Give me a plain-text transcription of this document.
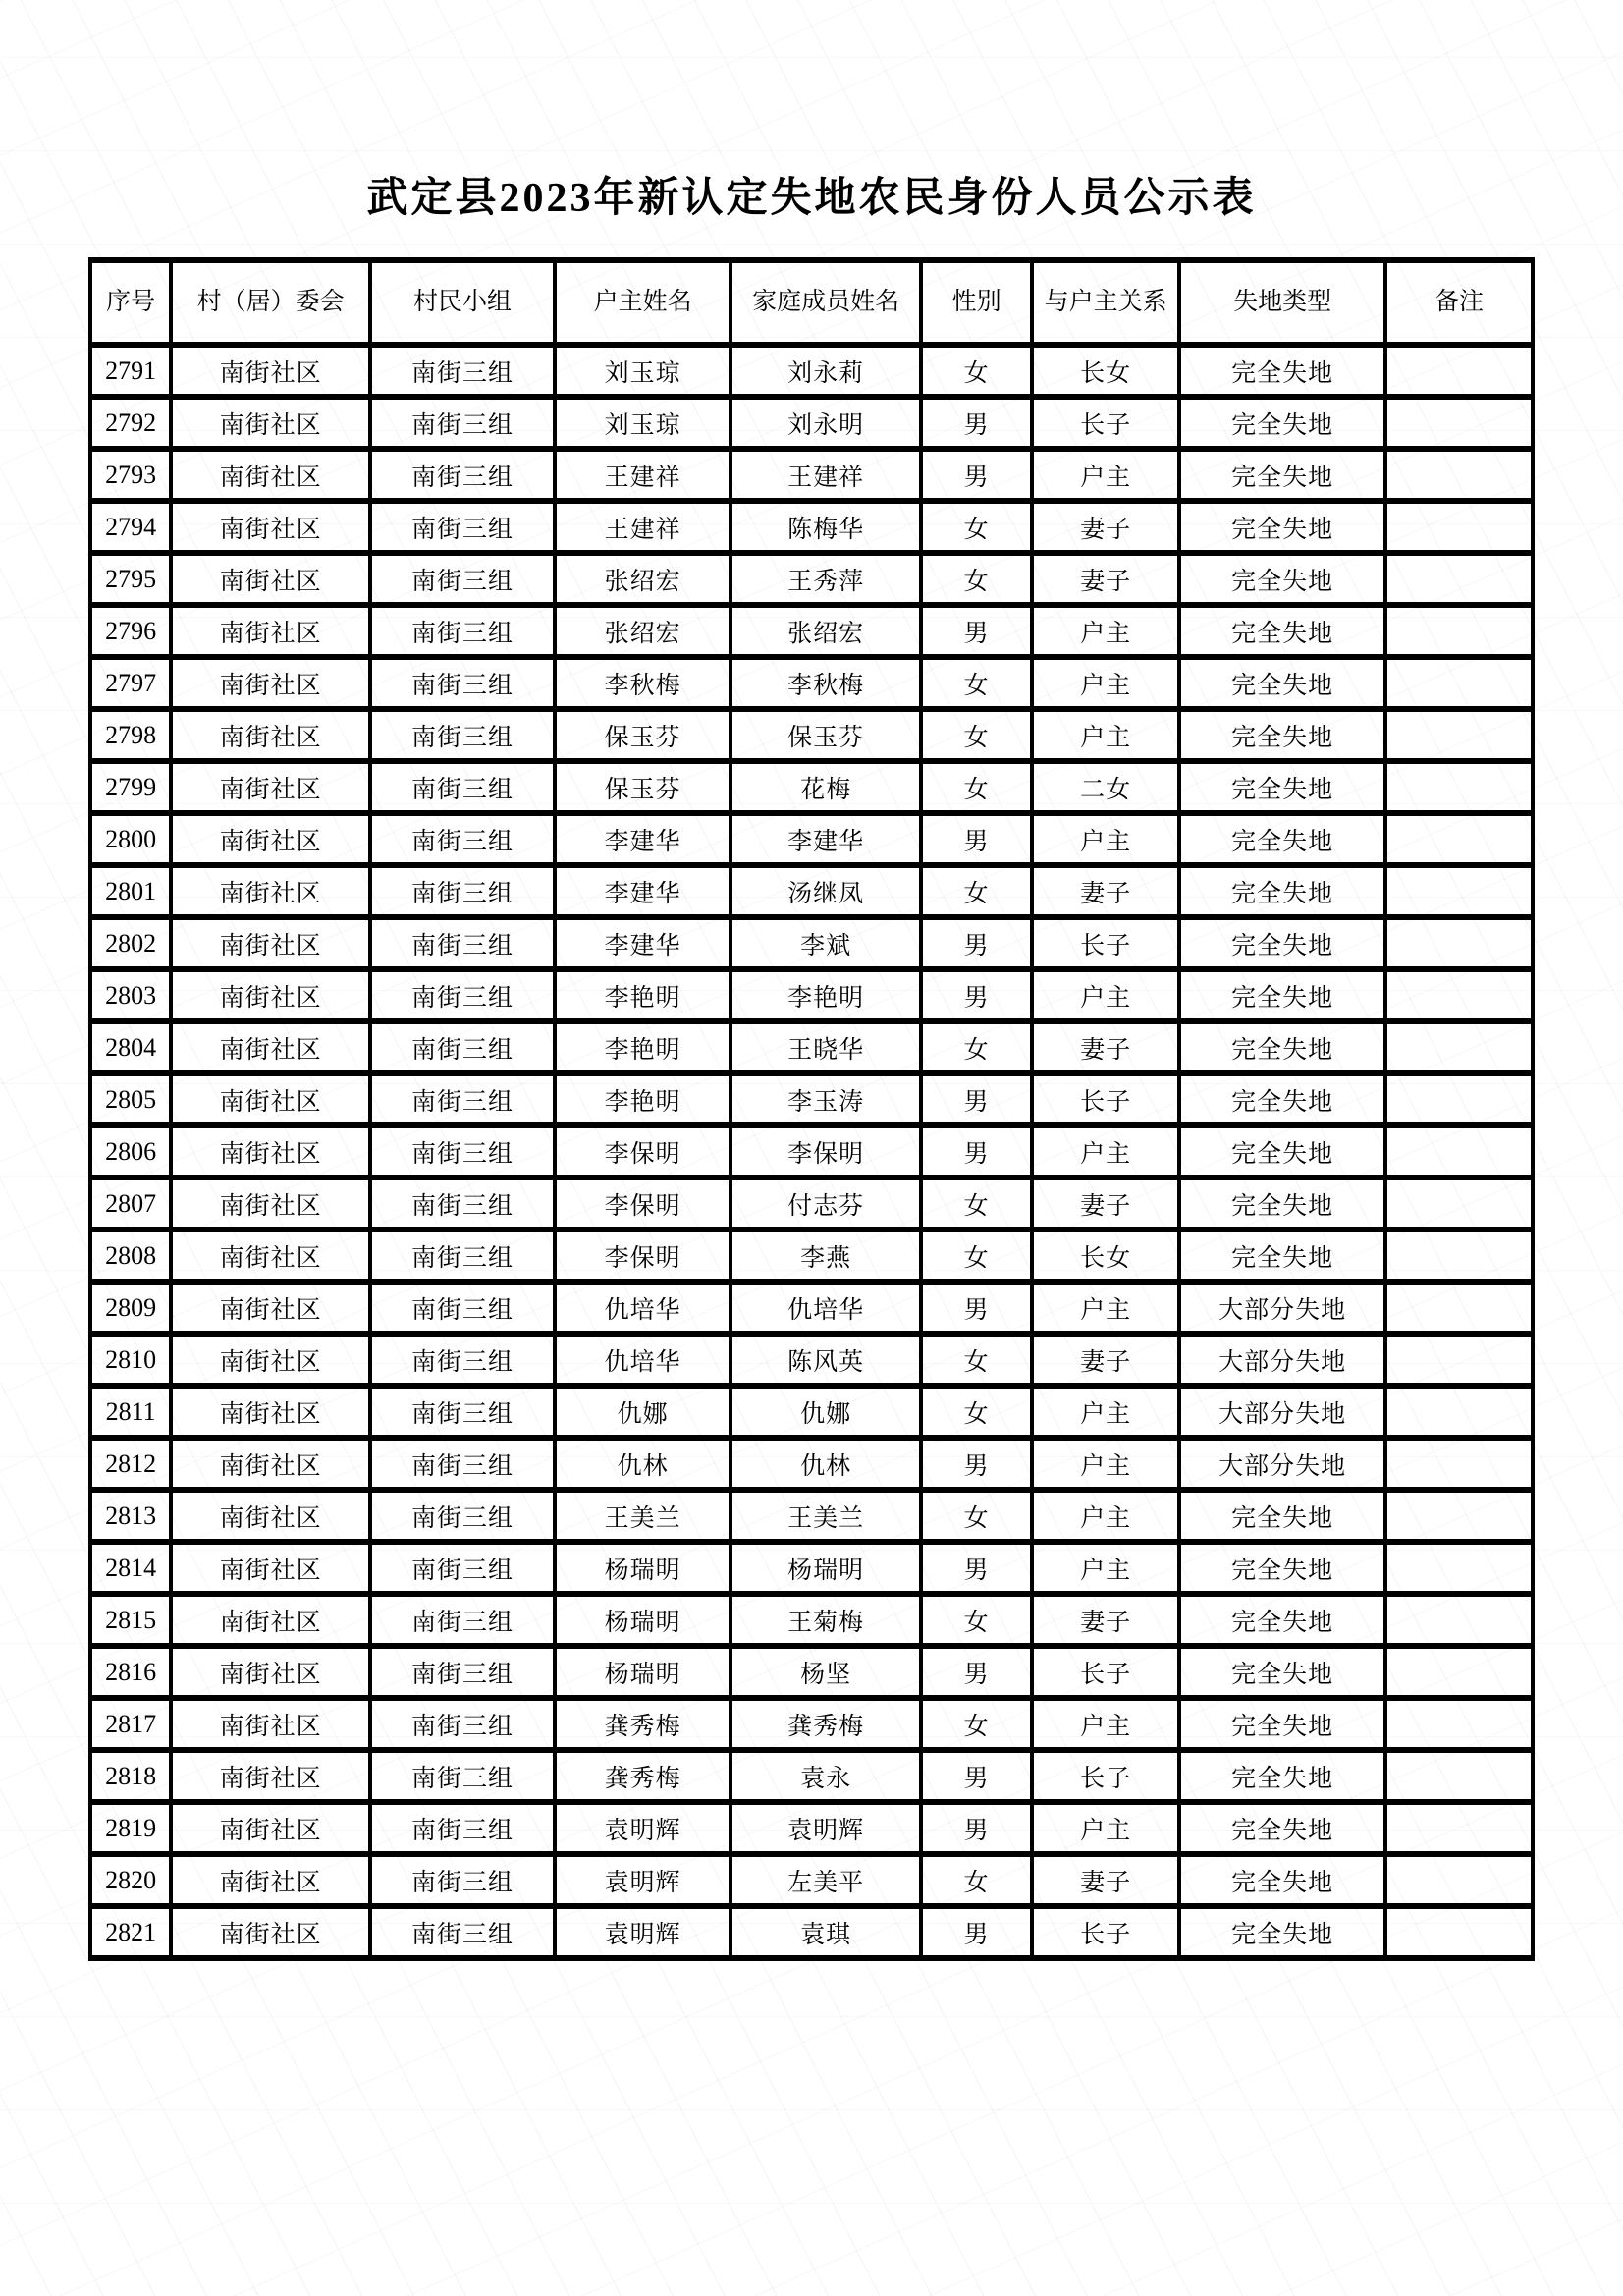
武定县2023年新认定失地农民身份人员公示表
序号	村（居）委会	村民小组	户主姓名	家庭成员姓名	性别	与户主关系	失地类型	备注
2791	南街社区	南街三组	刘玉琼	刘永莉	女	长女	完全失地	
2792	南街社区	南街三组	刘玉琼	刘永明	男	长子	完全失地	
2793	南街社区	南街三组	王建祥	王建祥	男	户主	完全失地	
2794	南街社区	南街三组	王建祥	陈梅华	女	妻子	完全失地	
2795	南街社区	南街三组	张绍宏	王秀萍	女	妻子	完全失地	
2796	南街社区	南街三组	张绍宏	张绍宏	男	户主	完全失地	
2797	南街社区	南街三组	李秋梅	李秋梅	女	户主	完全失地	
2798	南街社区	南街三组	保玉芬	保玉芬	女	户主	完全失地	
2799	南街社区	南街三组	保玉芬	花梅	女	二女	完全失地	
2800	南街社区	南街三组	李建华	李建华	男	户主	完全失地	
2801	南街社区	南街三组	李建华	汤继凤	女	妻子	完全失地	
2802	南街社区	南街三组	李建华	李斌	男	长子	完全失地	
2803	南街社区	南街三组	李艳明	李艳明	男	户主	完全失地	
2804	南街社区	南街三组	李艳明	王晓华	女	妻子	完全失地	
2805	南街社区	南街三组	李艳明	李玉涛	男	长子	完全失地	
2806	南街社区	南街三组	李保明	李保明	男	户主	完全失地	
2807	南街社区	南街三组	李保明	付志芬	女	妻子	完全失地	
2808	南街社区	南街三组	李保明	李燕	女	长女	完全失地	
2809	南街社区	南街三组	仇培华	仇培华	男	户主	大部分失地	
2810	南街社区	南街三组	仇培华	陈风英	女	妻子	大部分失地	
2811	南街社区	南街三组	仇娜	仇娜	女	户主	大部分失地	
2812	南街社区	南街三组	仇林	仇林	男	户主	大部分失地	
2813	南街社区	南街三组	王美兰	王美兰	女	户主	完全失地	
2814	南街社区	南街三组	杨瑞明	杨瑞明	男	户主	完全失地	
2815	南街社区	南街三组	杨瑞明	王菊梅	女	妻子	完全失地	
2816	南街社区	南街三组	杨瑞明	杨坚	男	长子	完全失地	
2817	南街社区	南街三组	龚秀梅	龚秀梅	女	户主	完全失地	
2818	南街社区	南街三组	龚秀梅	袁永	男	长子	完全失地	
2819	南街社区	南街三组	袁明辉	袁明辉	男	户主	完全失地	
2820	南街社区	南街三组	袁明辉	左美平	女	妻子	完全失地	
2821	南街社区	南街三组	袁明辉	袁琪	男	长子	完全失地	
